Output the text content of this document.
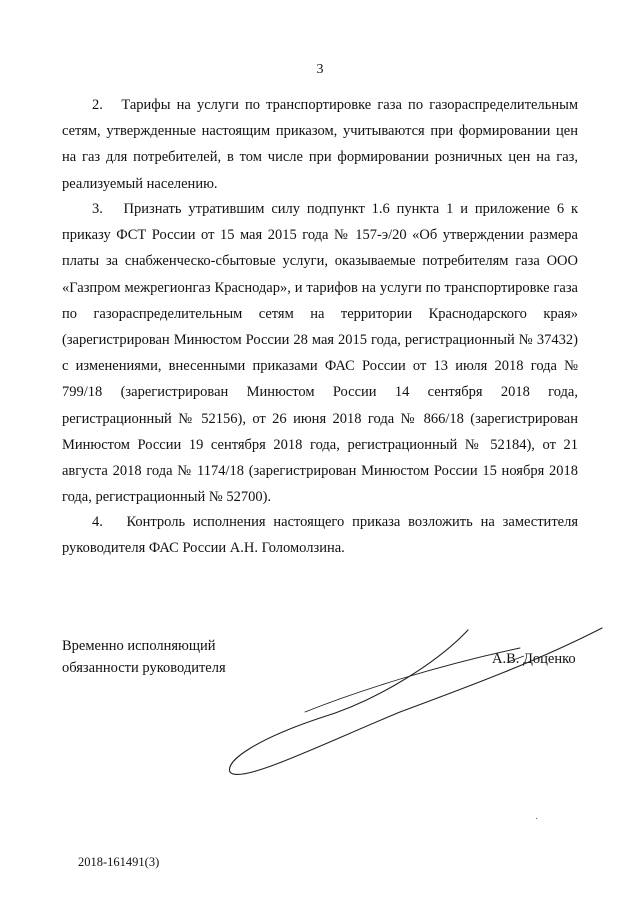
3

2. Тарифы на услуги по транспортировке газа по газораспределительным сетям, утвержденные настоящим приказом, учитываются при формировании цен на газ для потребителей, в том числе при формировании розничных цен на газ, реализуемый населению.

3. Признать утратившим силу подпункт 1.6 пункта 1 и приложение 6 к приказу ФСТ России от 15 мая 2015 года № 157-э/20 «Об утверждении размера платы за снабженческо-сбытовые услуги, оказываемые потребителям газа ООО «Газпром межрегионгаз Краснодар», и тарифов на услуги по транспортировке газа по газораспределительным сетям на территории Краснодарского края» (зарегистрирован Минюстом России 28 мая 2015 года, регистрационный № 37432) с изменениями, внесенными приказами ФАС России от 13 июля 2018 года № 799/18 (зарегистрирован Минюстом России 14 сентября 2018 года, регистрационный № 52156), от 26 июня 2018 года № 866/18 (зарегистрирован Минюстом России 19 сентября 2018 года, регистрационный № 52184), от 21 августа 2018 года № 1174/18 (зарегистрирован Минюстом России 15 ноября 2018 года, регистрационный № 52700).

4. Контроль исполнения настоящего приказа возложить на заместителя руководителя ФАС России А.Н. Голомолзина.

Временно исполняющий
обязанности руководителя
А.В. Доценко
·
2018-161491(3)
